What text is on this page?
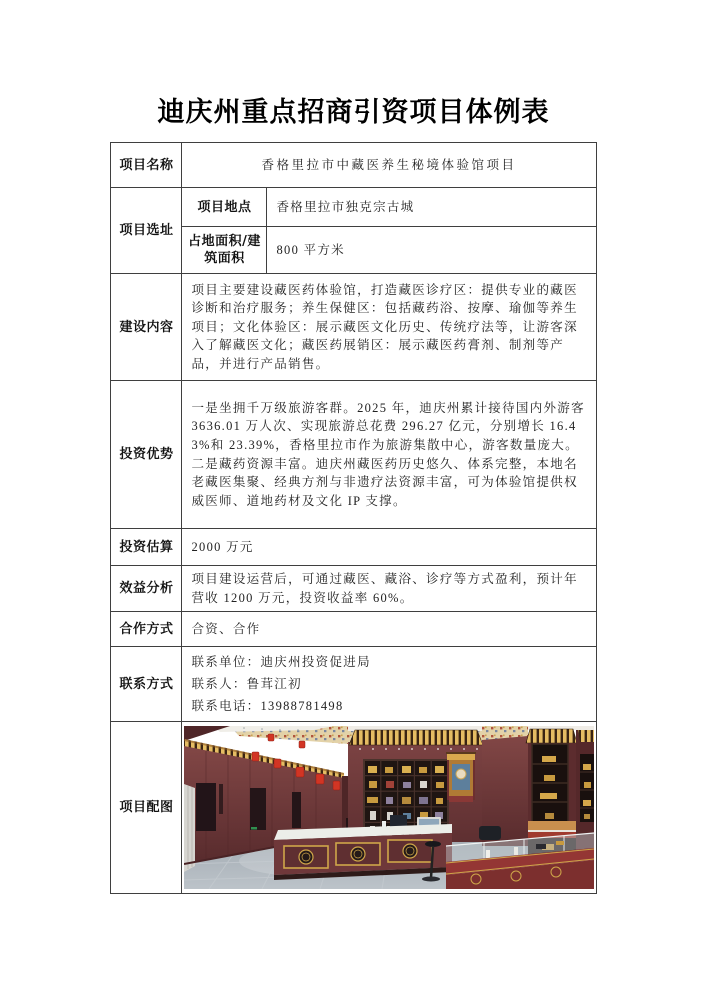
迪庆州重点招商引资项目体例表
项目名称	香格里拉市中藏医养生秘境体验馆项目	
项目选址	项目地点	香格里拉市独克宗古城
	占地面积/建筑面积	800 平方米
建设内容	项目主要建设藏医药体验馆，打造藏医诊疗区：提供专业的藏医诊断和治疗服务；养生保健区：包括藏药浴、按摩、瑜伽等养生项目；文化体验区：展示藏医文化历史、传统疗法等，让游客深入了解藏医文化；藏医药展销区：展示藏医药膏剂、制剂等产品，并进行产品销售。	
投资优势	一是坐拥千万级旅游客群。2025 年，迪庆州累计接待国内外游客 3636.01 万人次、实现旅游总花费 296.27 亿元，分别增长 16.43%和 23.39%，香格里拉市作为旅游集散中心，游客数量庞大。二是藏药资源丰富。迪庆州藏医药历史悠久、体系完整，本地名老藏医集聚、经典方剂与非遗疗法资源丰富，可为体验馆提供权威医师、道地药材及文化 IP 支撑。	
投资估算	2000 万元	
效益分析	项目建设运营后，可通过藏医、藏浴、诊疗等方式盈利，预计年营收 1200 万元，投资收益率 60%。	
合作方式	合资、合作	
联系方式	联系单位：迪庆州投资促进局
联系人：鲁茸江初
联系电话：13988781498	

项目配图	
